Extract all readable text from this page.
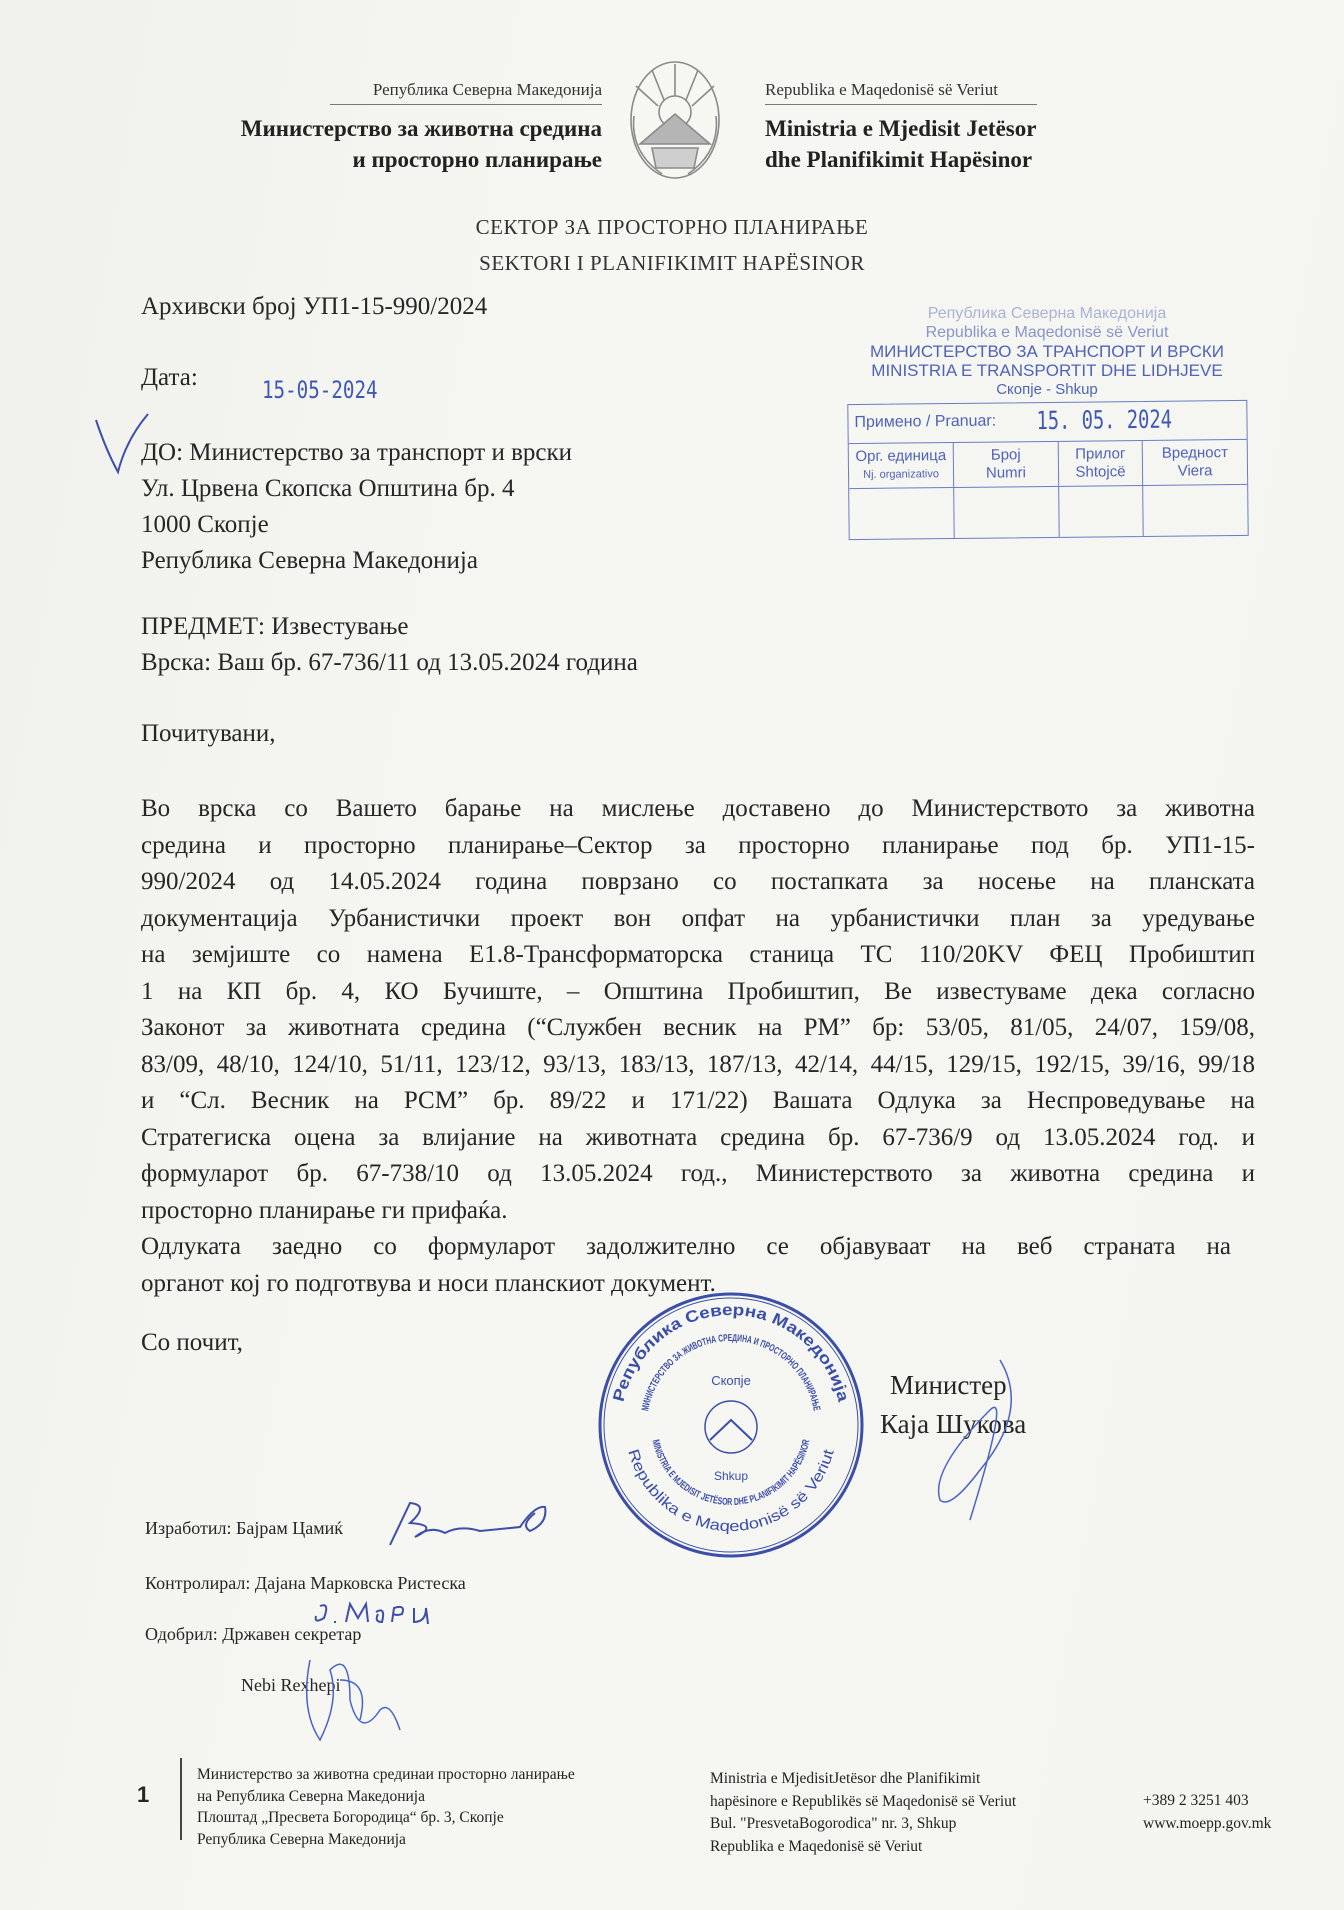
Република Северна Македонија
Министерство за животна средина
и просторно планирање
Republika e Maqedonisë së Veriut
Ministria e Mjedisit Jetësor
dhe Planifikimit Hapësinor
СЕКТОР ЗА ПРОСТОРНО ПЛАНИРАЊЕ
SEKTORI I PLANIFIKIMIT HAPËSINOR
Архивски број УП1-15-990/2024
Дата:	15-05-2024
ДО: Министерство за транспорт и врски
Ул. Црвена Скопска Општина бр. 4
1000 Скопје
Република Северна Македонија
Република Северна Македонија
Republika e Maqedonisë së Veriut
МИНИСТЕРСТВО ЗА ТРАНСПОРТ И ВРСКИ
MINISTRIA E TRANSPORTIT DHE LIDHJEVE
Скопје - Shkup
Примено / Pranuar: 15. 05. 2024
Орг. единица
Nj. organizativo
Број
Numri
Прилог
Shtojcë
Вредност
Viera
ПРЕДМЕТ: Известување
Врска: Ваш бр. 67-736/11 од 13.05.2024 година
Почитувани,
Во врска со Вашето барање на мислење доставено до Министерството за животна
средина и просторно планирање–Сектор за просторно планирање под бр. УП1-15-
990/2024 од 14.05.2024 година поврзано со постапката за носење на планската
документација Урбанистички проект вон опфат на урбанистички план за уредување
на земјиште со намена Е1.8-Трансформаторска станица ТС 110/20KV ФЕЦ Пробиштип
1 на КП бр. 4, КО Бучиште, – Општина Пробиштип, Ве известуваме дека согласно
Законот за животната средина (“Службен весник на РМ” бр: 53/05, 81/05, 24/07, 159/08,
83/09, 48/10, 124/10, 51/11, 123/12, 93/13, 183/13, 187/13, 42/14, 44/15, 129/15, 192/15, 39/16, 99/18
и “Сл. Весник на РСМ” бр. 89/22 и 171/22) Вашата Одлука за Неспроведување на
Стратегиска оцена за влијание на животната средина бр. 67-736/9 од 13.05.2024 год. и
формуларот бр. 67-738/10 од 13.05.2024 год., Министерството за животна средина и
просторно планирање ги прифаќа.
Одлуката заедно со формуларот задолжително се објавуваат на веб страната на
органот кој го подготвува и носи планскиот документ.
Со почит,
Република Северна Македонија
МИНИСТЕРСТВО ЗА ЖИВОТНА СРЕДИНА И ПРОСТОРНО ПЛАНИРАЊЕ
Скопје
Shkup
MINISTRIA E MJEDISIT JETËSOR DHE PLANIFIKIMIT HAPËSINOR
Republika e Maqedonisë së Veriut
Министер
Каја Шукова
Изработил: Бајрам Цамиќ
Контролирал: Дајана Марковска Ристеска
Одобрил: Државен секретар
Nebi Rexhepi
1
Министерство за животна срединаи просторно ланирање
на Република Северна Македонија
Плоштад „Пресвета Богородица“ бр. 3, Скопје
Република Северна Македонија
Ministria e MjedisitJetësor dhe Planifikimit
hapësinore e Republikës së Maqedonisë së Veriut
Bul. "PresvetaBogorodica" nr. 3, Shkup
Republika e Maqedonisë së Veriut
+389 2 3251 403
www.moepp.gov.mk
